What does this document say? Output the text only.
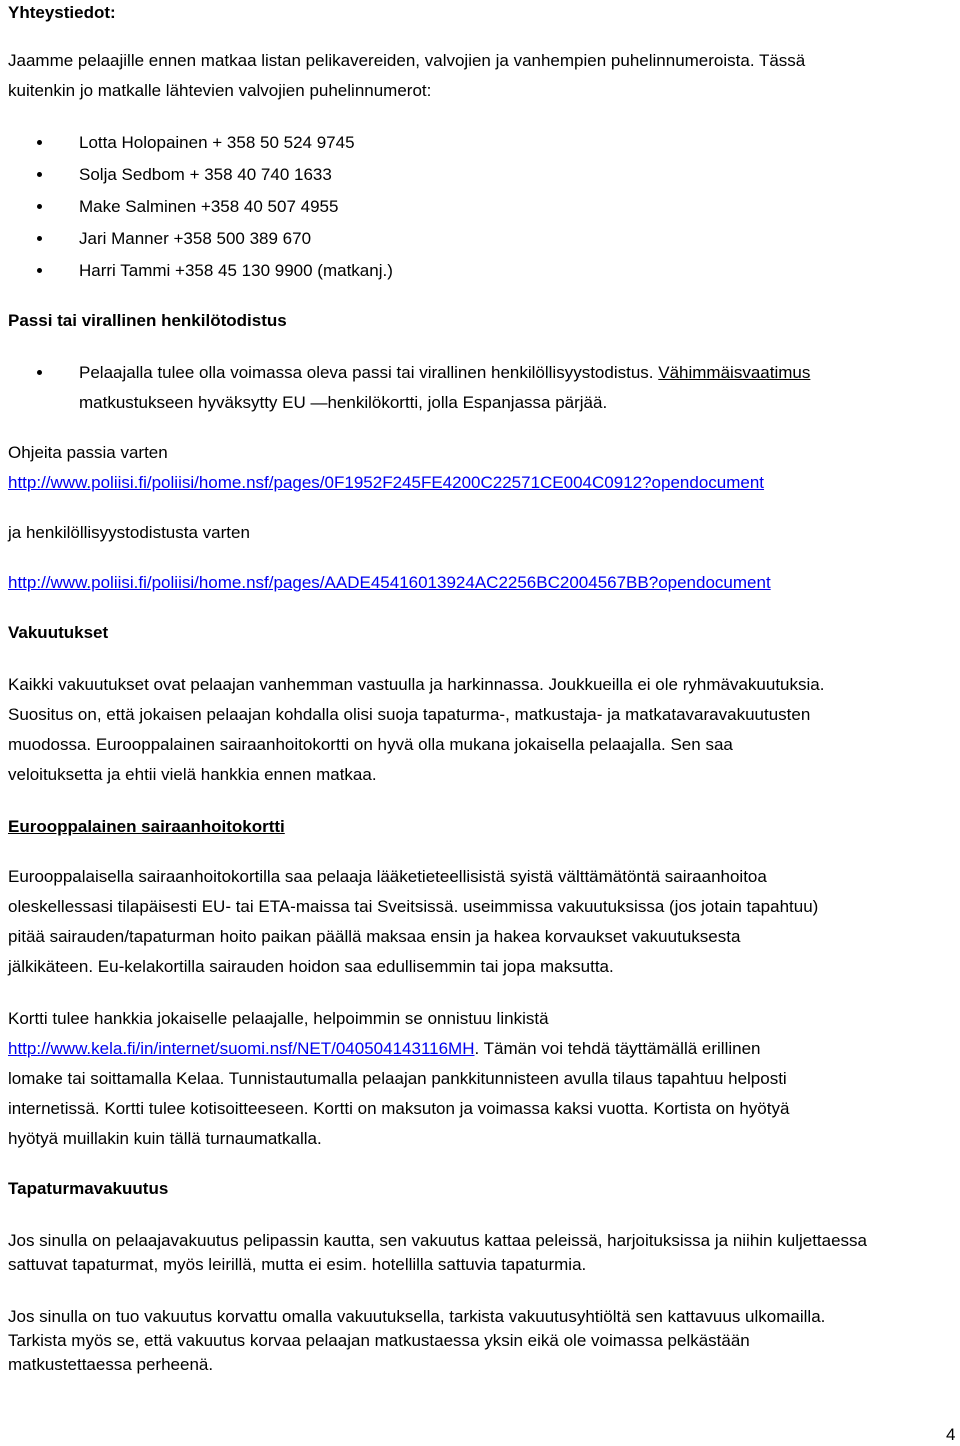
Yhteystiedot:
Jaamme pelaajille ennen matkaa listan pelikavereiden, valvojien ja vanhempien puhelinnumeroista. Tässä
kuitenkin jo matkalle lähtevien valvojien puhelinnumerot:
Lotta Holopainen + 358 50 524 9745
Solja Sedbom + 358 40 740 1633
Make Salminen +358 40 507 4955
Jari Manner +358 500 389 670
Harri Tammi +358 45 130 9900 (matkanj.)
Passi tai virallinen henkilötodistus
Pelaajalla tulee olla voimassa oleva passi tai virallinen henkilöllisyystodistus. Vähimmäisvaatimus
matkustukseen hyväksytty EU —henkilökortti, jolla Espanjassa pärjää.
Ohjeita passia varten
http://www.poliisi.fi/poliisi/home.nsf/pages/0F1952F245FE4200C22571CE004C0912?opendocument
ja henkilöllisyystodistusta varten
http://www.poliisi.fi/poliisi/home.nsf/pages/AADE45416013924AC2256BC2004567BB?opendocument
Vakuutukset
Kaikki vakuutukset ovat pelaajan vanhemman vastuulla ja harkinnassa. Joukkueilla ei ole ryhmävakuutuksia.
Suositus on, että jokaisen pelaajan kohdalla olisi suoja tapaturma-, matkustaja- ja matkatavaravakuutusten
muodossa. Eurooppalainen sairaanhoitokortti on hyvä olla mukana jokaisella pelaajalla. Sen saa
veloituksetta ja ehtii vielä hankkia ennen matkaa.
Eurooppalainen sairaanhoitokortti
Eurooppalaisella sairaanhoitokortilla saa pelaaja lääketieteellisistä syistä välttämätöntä sairaanhoitoa
oleskellessasi tilapäisesti EU- tai ETA-maissa tai Sveitsissä. useimmissa vakuutuksissa (jos jotain tapahtuu)
pitää sairauden/tapaturman hoito paikan päällä maksaa ensin ja hakea korvaukset vakuutuksesta
jälkikäteen. Eu-kelakortilla sairauden hoidon saa edullisemmin tai jopa maksutta.
Kortti tulee hankkia jokaiselle pelaajalle, helpoimmin se onnistuu linkistä
http://www.kela.fi/in/internet/suomi.nsf/NET/040504143116MH. Tämän voi tehdä täyttämällä erillinen
lomake tai soittamalla Kelaa. Tunnistautumalla pelaajan pankkitunnisteen avulla tilaus tapahtuu helposti
internetissä. Kortti tulee kotisoitteeseen. Kortti on maksuton ja voimassa kaksi vuotta. Kortista on hyötyä
hyötyä muillakin kuin tällä turnaumatkalla.
Tapaturmavakuutus
Jos sinulla on pelaajavakuutus pelipassin kautta, sen vakuutus kattaa peleissä, harjoituksissa ja niihin kuljettaessa
sattuvat tapaturmat, myös leirillä, mutta ei esim. hotellilla sattuvia tapaturmia.
Jos sinulla on tuo vakuutus korvattu omalla vakuutuksella, tarkista vakuutusyhtiöltä sen kattavuus ulkomailla.
Tarkista myös se, että vakuutus korvaa pelaajan matkustaessa yksin eikä ole voimassa pelkästään
matkustettaessa perheenä.
4
